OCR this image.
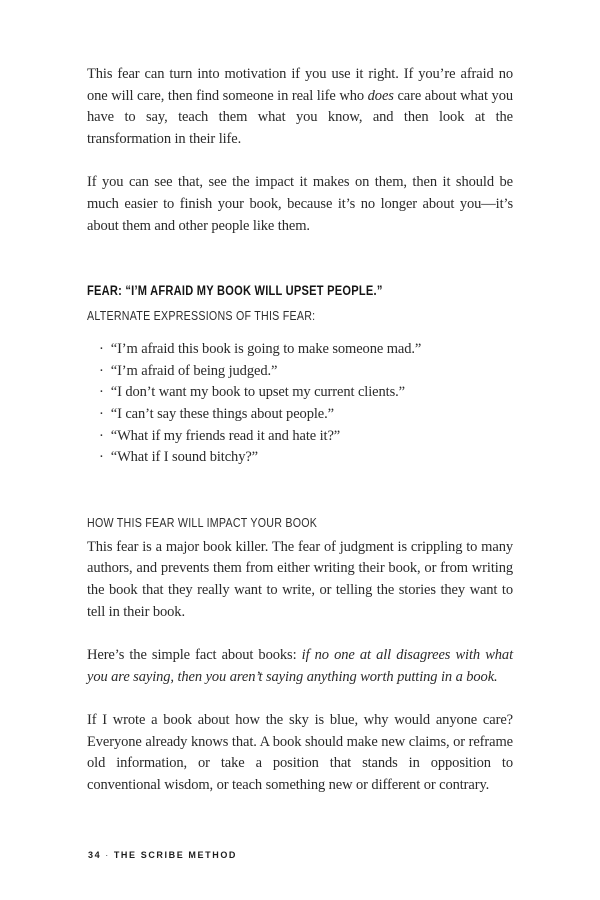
This fear can turn into motivation if you use it right. If you’re afraid no one will care, then find someone in real life who does care about what you have to say, teach them what you know, and then look at the transformation in their life.

If you can see that, see the impact it makes on them, then it should be much easier to finish your book, because it’s no longer about you—it’s about them and other people like them.

FEAR: “I’M AFRAID MY BOOK WILL UPSET PEOPLE.”
ALTERNATE EXPRESSIONS OF THIS FEAR:
· “I’m afraid this book is going to make someone mad.”
· “I’m afraid of being judged.”
· “I don’t want my book to upset my current clients.”
· “I can’t say these things about people.”
· “What if my friends read it and hate it?”
· “What if I sound bitchy?”
HOW THIS FEAR WILL IMPACT YOUR BOOK

This fear is a major book killer. The fear of judgment is crippling to many authors, and prevents them from either writing their book, or from writing the book that they really want to write, or telling the stories they want to tell in their book.

Here’s the simple fact about books: if no one at all disagrees with what you are saying, then you aren’t saying anything worth putting in a book.

If I wrote a book about how the sky is blue, why would anyone care? Everyone already knows that. A book should make new claims, or reframe old information, or take a position that stands in opposition to conventional wisdom, or teach something new or different or contrary.

34 · THE SCRIBE METHOD
